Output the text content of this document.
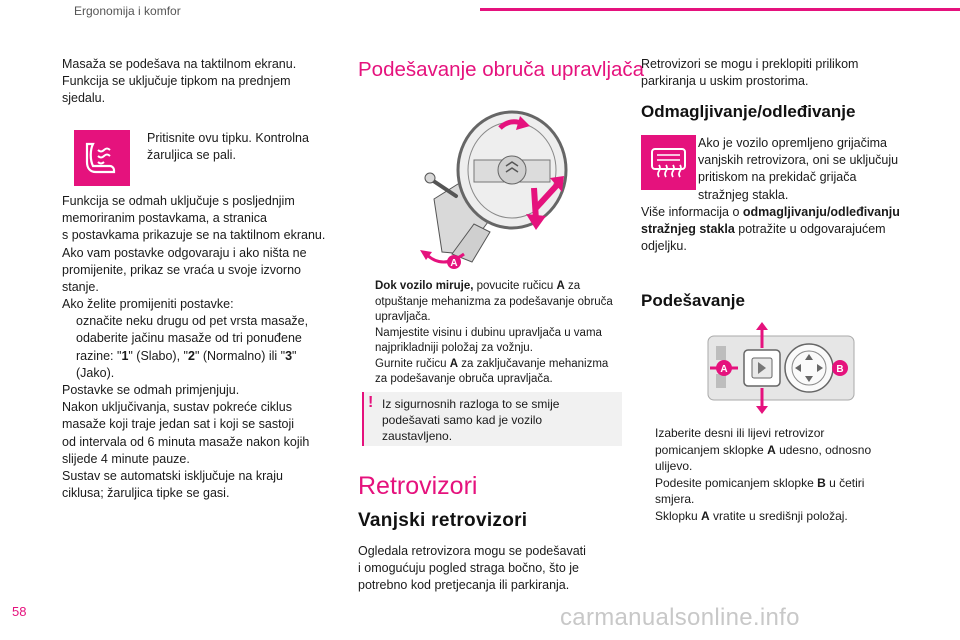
Ergonomija i komfor

Masaža se podešava na taktilnom ekranu.

Funkcija se uključuje tipkom na prednjem

sjedalu.

Pritisnite ovu tipku. Kontrolna
žaruljica se pali.

Funkcija se odmah uključuje s posljednjim

memoriranim postavkama, a stranica

s postavkama prikazuje se na taktilnom ekranu.

Ako vam postavke odgovaraju i ako ništa ne

promijenite, prikaz se vraća u svoje izvorno

stanje.

Ako želite promijeniti postavke:

označite neku drugu od pet vrsta masaže,
odaberite jačinu masaže od tri ponuđene
razine: "1" (Slabo), "2" (Normalno) ili "3"
(Jako).

Postavke se odmah primjenjuju.

Nakon uključivanja, sustav pokreće ciklus

masaže koji traje jedan sat i koji se sastoji

od intervala od 6 minuta masaže nakon kojih

slijede 4 minute pauze.

Sustav se automatski isključuje na kraju

ciklusa; žaruljica tipke se gasi.

Podešavanje obruča upravljača
A
Dok vozilo miruje, povucite ručicu A za
otpuštanje mehanizma za podešavanje obruča
upravljača.
Namjestite visinu i dubinu upravljača u vama
najprikladniji položaj za vožnju.
Gurnite ručicu A za zaključavanje mehanizma
za podešavanje obruča upravljača.
! Iz sigurnosnih razloga to se smije
podešavati samo kad je vozilo
zaustavljeno.
Retrovizori
Vanjski retrovizori

Ogledala retrovizora mogu se podešavati

i omogućuju pogled straga bočno, što je

potrebno kod pretjecanja ili parkiranja.

Retrovizori se mogu i preklopiti prilikom

parkiranja u uskim prostorima.

Odmagljivanje/odleđivanje

Ako je vozilo opremljeno grijačima

vanjskih retrovizora, oni se uključuju

pritiskom na prekidač grijača

stražnjeg stakla.

Više informacija o odmagljivanju/odleđivanju

stražnjeg stakla potražite u odgovarajućem

odjeljku.

Podešavanje
A	B
Izaberite desni ili lijevi retrovizor
pomicanjem sklopke A udesno, odnosno
ulijevo.
Podesite pomicanjem sklopke B u četiri
smjera.
Sklopku A vratite u središnji položaj.
58	carmanualsonline.info
